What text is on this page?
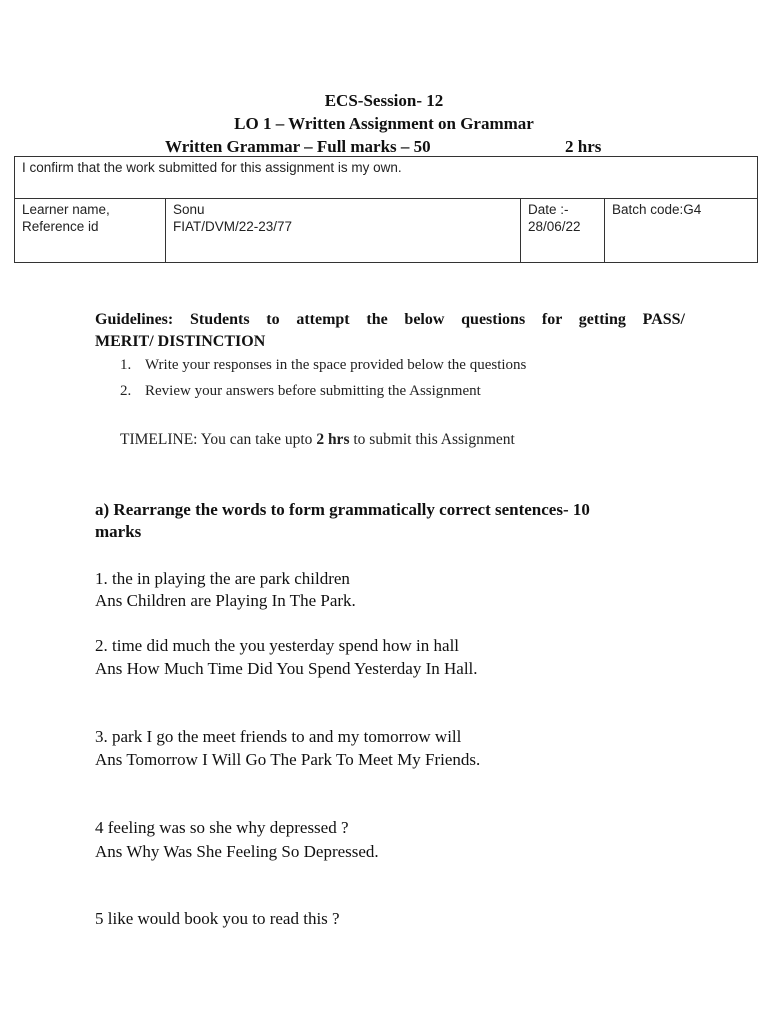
ECS-Session- 12
LO 1 – Written Assignment on Grammar
Written Grammar – Full marks – 50	2 hrs
I confirm that the work submitted for this assignment is my own.

Learner name,
Reference id

Sonu
FIAT/DVM/22-23/77

Date :-
28/06/22

Batch code:G4
Guidelines: Students to attempt the below questions for getting PASS/
MERIT/ DISTINCTION
1. Write your responses in the space provided below the questions
2. Review your answers before submitting the Assignment
TIMELINE: You can take upto 2 hrs to submit this Assignment
a) Rearrange the words to form grammatically correct sentences- 10
marks
1. the in playing the are park children
Ans Children are Playing In The Park.
2. time did much the you yesterday spend how in hall
Ans How Much Time Did You Spend Yesterday In Hall.
3. park I go the meet friends to and my tomorrow will
Ans Tomorrow I Will Go The Park To Meet My Friends.
4 feeling was so she why depressed ?
Ans Why Was She Feeling So Depressed.
5 like would book you to read this ?
